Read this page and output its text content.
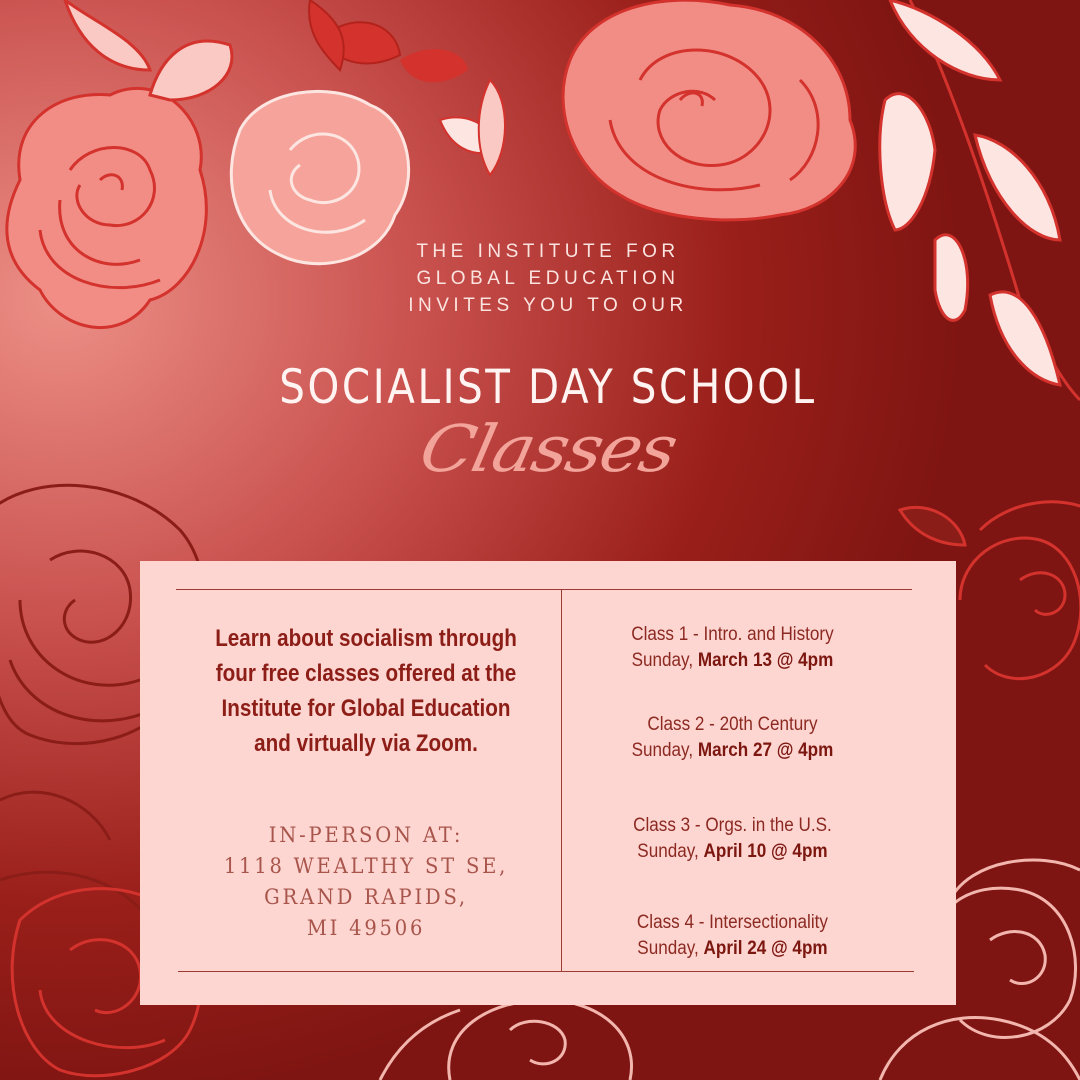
THE INSTITUTE FOR
GLOBAL EDUCATION
INVITES YOU TO OUR
SOCIALIST DAY SCHOOL
Classes
Learn about socialism through four free classes offered at the Institute for Global Education and virtually via Zoom.
IN-PERSON AT:
1118 WEALTHY ST SE,
GRAND RAPIDS,
MI 49506
Class 1 - Intro. and History
Sunday, March 13 @ 4pm
Class 2 - 20th Century
Sunday, March 27 @ 4pm
Class 3 - Orgs. in the U.S.
Sunday, April 10 @ 4pm
Class 4 - Intersectionality
Sunday, April 24 @ 4pm
